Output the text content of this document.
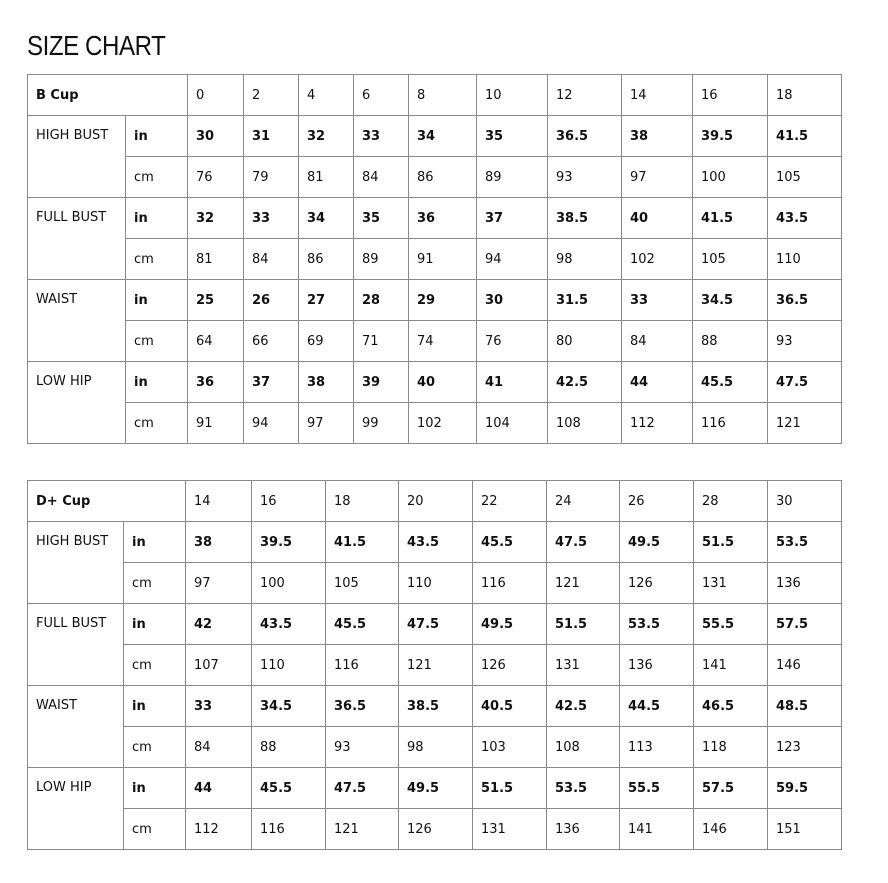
SIZE CHART
B Cup		0	2	4	6	8	10	12	14	16	18
HIGH BUST	in	30	31	32	33	34	35	36.5	38	39.5	41.5
	cm	76	79	81	84	86	89	93	97	100	105
FULL BUST	in	32	33	34	35	36	37	38.5	40	41.5	43.5
	cm	81	84	86	89	91	94	98	102	105	110
WAIST	in	25	26	27	28	29	30	31.5	33	34.5	36.5
	cm	64	66	69	71	74	76	80	84	88	93
LOW HIP	in	36	37	38	39	40	41	42.5	44	45.5	47.5
	cm	91	94	97	99	102	104	108	112	116	121
D+ Cup		14	16	18	20	22	24	26	28	30
HIGH BUST	in	38	39.5	41.5	43.5	45.5	47.5	49.5	51.5	53.5
	cm	97	100	105	110	116	121	126	131	136
FULL BUST	in	42	43.5	45.5	47.5	49.5	51.5	53.5	55.5	57.5
	cm	107	110	116	121	126	131	136	141	146
WAIST	in	33	34.5	36.5	38.5	40.5	42.5	44.5	46.5	48.5
	cm	84	88	93	98	103	108	113	118	123
LOW HIP	in	44	45.5	47.5	49.5	51.5	53.5	55.5	57.5	59.5
	cm	112	116	121	126	131	136	141	146	151
